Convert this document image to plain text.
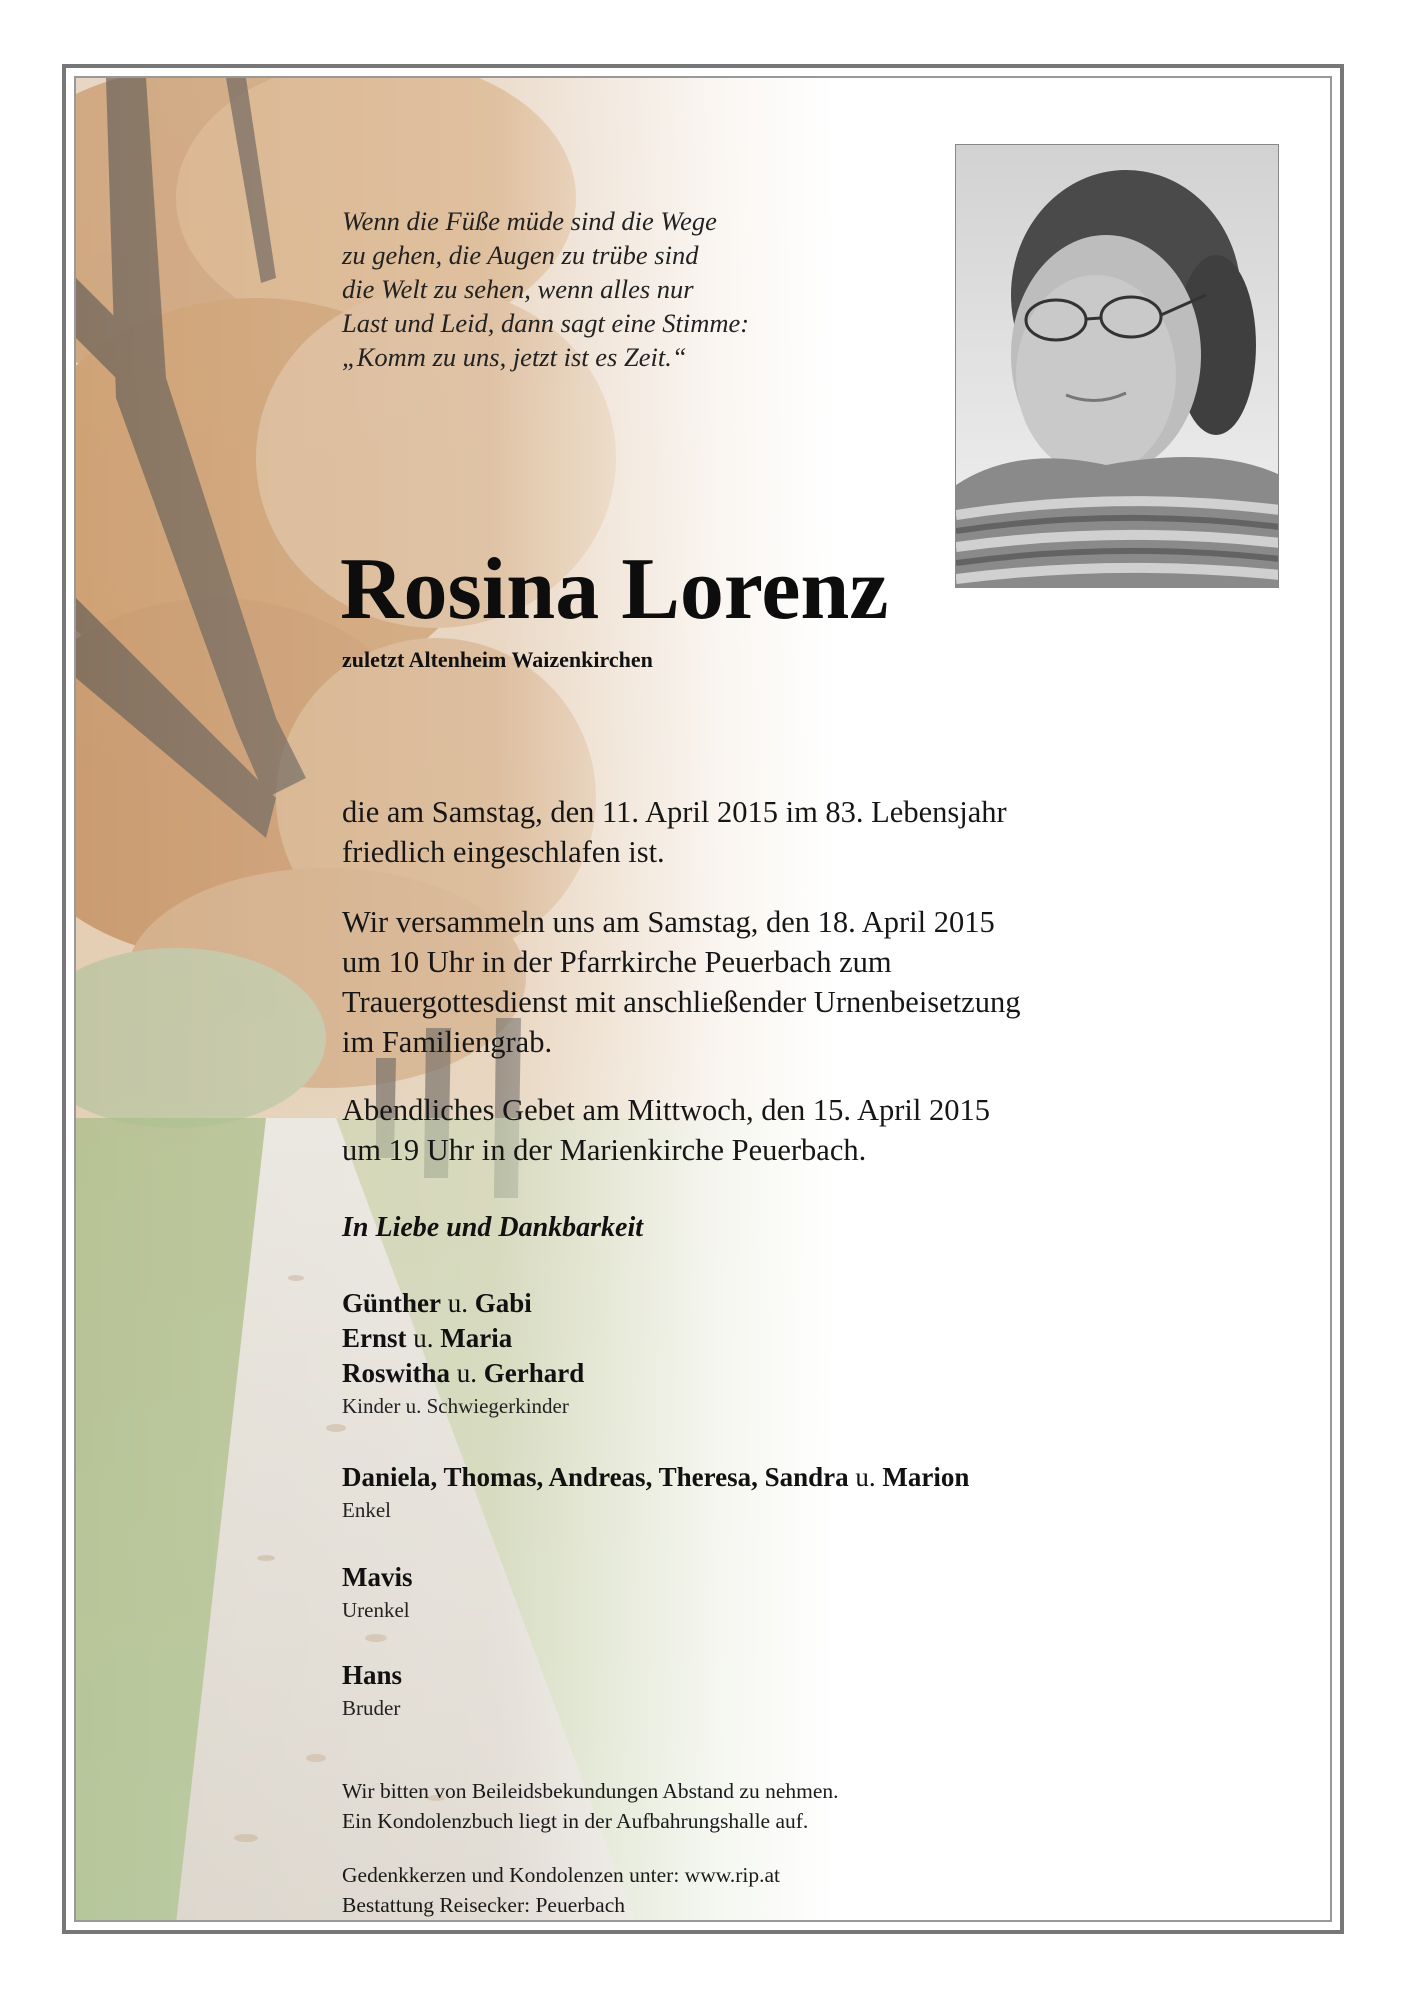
Wenn die Füße müde sind die Wege
zu gehen, die Augen zu trübe sind
die Welt zu sehen, wenn alles nur
Last und Leid, dann sagt eine Stimme:
„Komm zu uns, jetzt ist es Zeit.“
Rosina Lorenz
zuletzt Altenheim Waizenkirchen
die am Samstag, den 11. April 2015 im 83. Lebensjahr
friedlich eingeschlafen ist.
Wir versammeln uns am Samstag, den 18. April 2015
um 10 Uhr in der Pfarrkirche Peuerbach zum
Trauergottesdienst mit anschließender Urnenbeisetzung
im Familiengrab.
Abendliches Gebet am Mittwoch, den 15. April 2015
um 19 Uhr in der Marienkirche Peuerbach.
In Liebe und Dankbarkeit
Günther u. Gabi
Ernst u. Maria
Roswitha u. Gerhard
Kinder u. Schwiegerkinder
Daniela, Thomas, Andreas, Theresa, Sandra u. Marion
Enkel
Mavis
Urenkel
Hans
Bruder
Wir bitten von Beileidsbekundungen Abstand zu nehmen.
Ein Kondolenzbuch liegt in der Aufbahrungshalle auf.
Gedenkkerzen und Kondolenzen unter: www.rip.at
Bestattung Reisecker: Peuerbach
